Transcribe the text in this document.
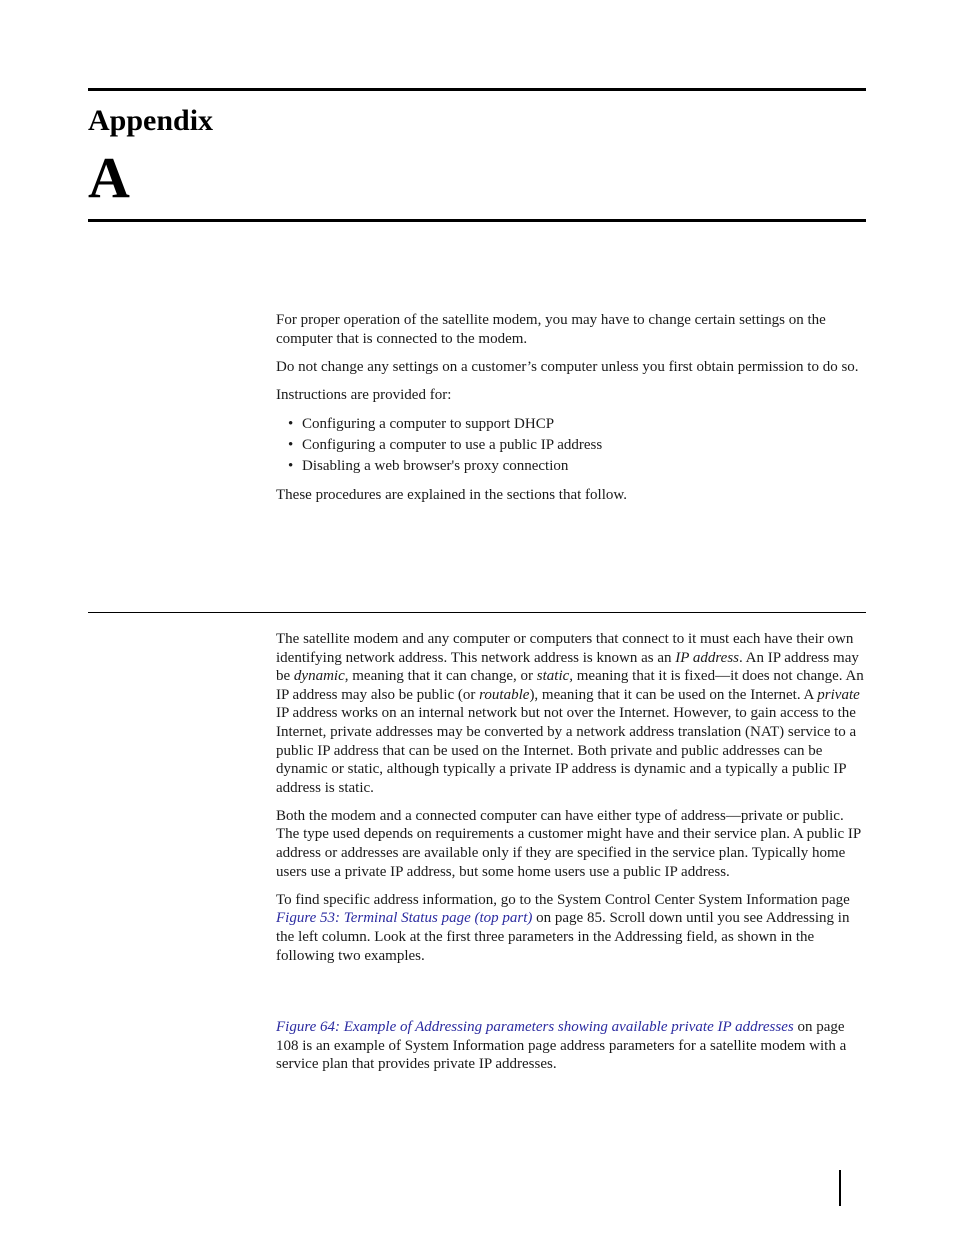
Appendix
A

For proper operation of the satellite modem, you may have to change certain settings on the computer that is connected to the modem.

Do not change any settings on a customer’s computer unless you first obtain permission to do so.

Instructions are provided for:

• Configuring a computer to support DHCP
• Configuring a computer to use a public IP address
• Disabling a web browser's proxy connection

These procedures are explained in the sections that follow.

The satellite modem and any computer or computers that connect to it must each have their own identifying network address. This network address is known as an IP address. An IP address may be dynamic, meaning that it can change, or static, meaning that it is fixed—it does not change. An IP address may also be public (or routable), meaning that it can be used on the Internet. A private IP address works on an internal network but not over the Internet. However, to gain access to the Internet, private addresses may be converted by a network address translation (NAT) service to a public IP address that can be used on the Internet. Both private and public addresses can be dynamic or static, although typically a private IP address is dynamic and a typically a public IP address is static.

Both the modem and a connected computer can have either type of address—private or public. The type used depends on requirements a customer might have and their service plan. A public IP address or addresses are available only if they are specified in the service plan. Typically home users use a private IP address, but some home users use a public IP address.

To find specific address information, go to the System Control Center System Information page Figure 53: Terminal Status page (top part) on page 85. Scroll down until you see Addressing in the left column. Look at the first three parameters in the Addressing field, as shown in the following two examples.

Figure 64: Example of Addressing parameters showing available private IP addresses on page 108 is an example of System Information page address parameters for a satellite modem with a service plan that provides private IP addresses.
